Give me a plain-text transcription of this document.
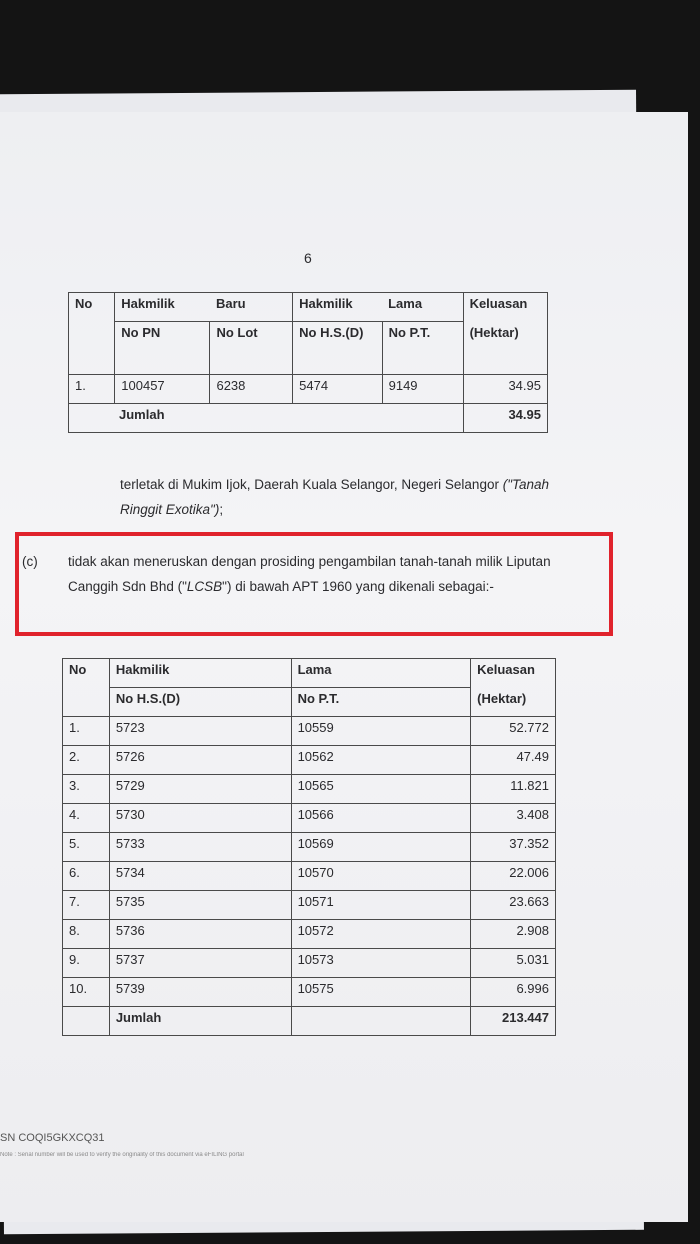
6
No	Hakmilik	Baru	Hakmilik	Lama	Keluasan
	No PN	No Lot	No H.S.(D)	No P.T.	(Hektar)
1.	100457	6238	5474	9149	34.95
Jumlah					34.95
terletak di Mukim Ijok, Daerah Kuala Selangor, Negeri Selangor ("Tanah Ringgit Exotika");
(c) tidak akan meneruskan dengan prosiding pengambilan tanah-tanah milik Liputan Canggih Sdn Bhd ("LCSB") di bawah APT 1960 yang dikenali sebagai:-
No	Hakmilik	Lama	Keluasan
	No H.S.(D)	No P.T.	(Hektar)
1.	5723	10559	52.772
2.	5726	10562	47.49
3.	5729	10565	11.821
4.	5730	10566	3.408
5.	5733	10569	37.352
6.	5734	10570	22.006
7.	5735	10571	23.663
8.	5736	10572	2.908
9.	5737	10573	5.031
10.	5739	10575	6.996
	Jumlah		213.447
SN COQI5GKXCQ31
Note : Serial number will be used to verify the originality of this document via eFILING portal
